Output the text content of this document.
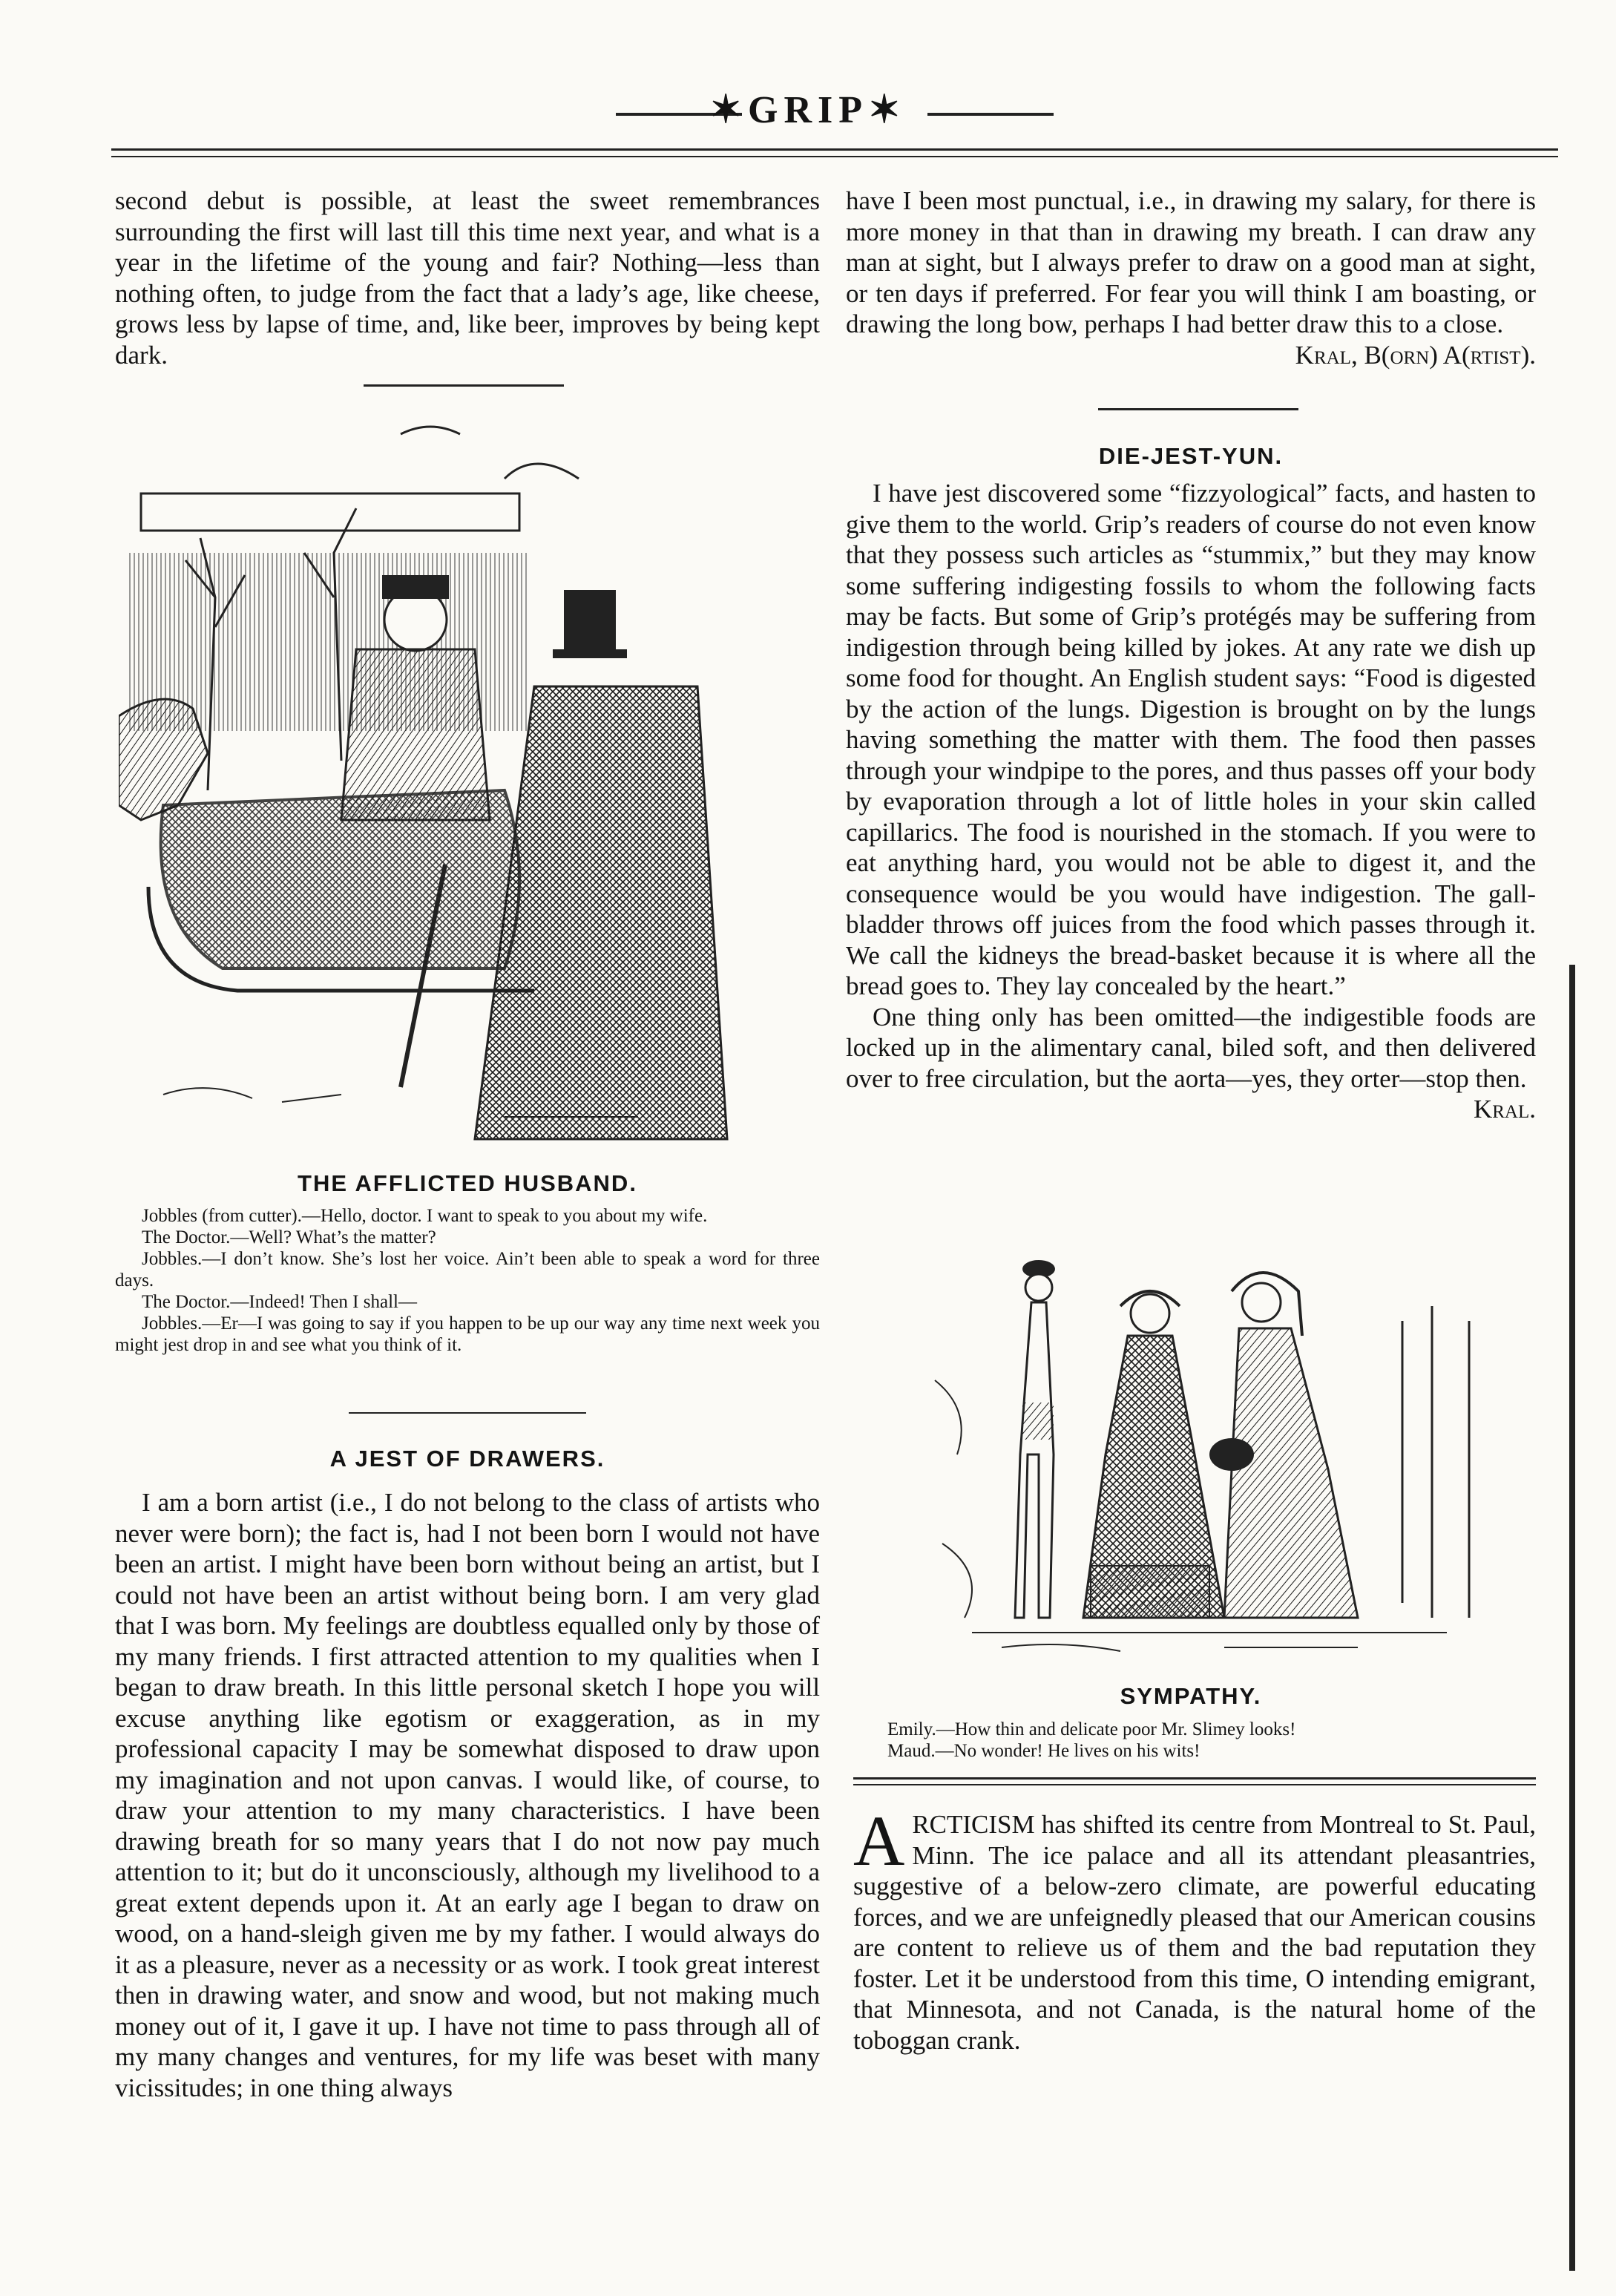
✶GRIP✶

second debut is possible, at least the sweet remembrances surrounding the first will last till this time next year, and what is a year in the lifetime of the young and fair? Nothing—less than nothing often, to judge from the fact that a lady’s age, like cheese, grows less by lapse of time, and, like beer, improves by being kept dark.

THE AFFLICTED HUSBAND.

Jobbles (from cutter).—Hello, doctor. I want to speak to you about my wife.

The Doctor.—Well? What’s the matter?

Jobbles.—I don’t know. She’s lost her voice. Ain’t been able to speak a word for three days.

The Doctor.—Indeed! Then I shall—

Jobbles.—Er—I was going to say if you happen to be up our way any time next week you might jest drop in and see what you think of it.

A JEST OF DRAWERS.

I am a born artist (i.e., I do not belong to the class of artists who never were born); the fact is, had I not been born I would not have been an artist. I might have been born without being an artist, but I could not have been an artist without being born. I am very glad that I was born. My feelings are doubtless equalled only by those of my many friends. I first attracted attention to my qualities when I began to draw breath. In this little personal sketch I hope you will excuse anything like egotism or exaggeration, as in my professional capacity I may be somewhat disposed to draw upon my imagination and not upon canvas. I would like, of course, to draw your attention to my many characteristics. I have been drawing breath for so many years that I do not now pay much attention to it; but do it unconsciously, although my livelihood to a great extent depends upon it. At an early age I began to draw on wood, on a hand-sleigh given me by my father. I would always do it as a pleasure, never as a necessity or as work. I took great interest then in drawing water, and snow and wood, but not making much money out of it, I gave it up. I have not time to pass through all of my many changes and ventures, for my life was beset with many vicissitudes; in one thing always

have I been most punctual, i.e., in drawing my salary, for there is more money in that than in drawing my breath. I can draw any man at sight, but I always prefer to draw on a good man at sight, or ten days if preferred. For fear you will think I am boasting, or drawing the long bow, perhaps I had better draw this to a close.

Kral, B(orn) A(rtist).
DIE-JEST-YUN.

I have jest discovered some “fizzyological” facts, and hasten to give them to the world. Grip’s readers of course do not even know that they possess such articles as “stummix,” but they may know some suffering indigesting fossils to whom the following facts may be facts. But some of Grip’s protégés may be suffering from indigestion through being killed by jokes. At any rate we dish up some food for thought. An English student says: “Food is digested by the action of the lungs. Digestion is brought on by the lungs having something the matter with them. The food then passes through your windpipe to the pores, and thus passes off your body by evaporation through a lot of little holes in your skin called capillarics. The food is nourished in the stomach. If you were to eat anything hard, you would not be able to digest it, and the consequence would be you would have indigestion. The gall-bladder throws off juices from the food which passes through it. We call the kidneys the bread-basket because it is where all the bread goes to. They lay concealed by the heart.”

One thing only has been omitted—the indigestible foods are locked up in the alimentary canal, biled soft, and then delivered over to free circulation, but the aorta—yes, they orter—stop then.

Kral.
SYMPATHY.

Emily.—How thin and delicate poor Mr. Slimey looks!

Maud.—No wonder! He lives on his wits!

ARCTICISM has shifted its centre from Montreal to St. Paul, Minn. The ice palace and all its attendant pleasantries, suggestive of a below-zero climate, are powerful educating forces, and we are unfeignedly pleased that our American cousins are content to relieve us of them and the bad reputation they foster. Let it be understood from this time, O intending emigrant, that Minnesota, and not Canada, is the natural home of the toboggan crank.
